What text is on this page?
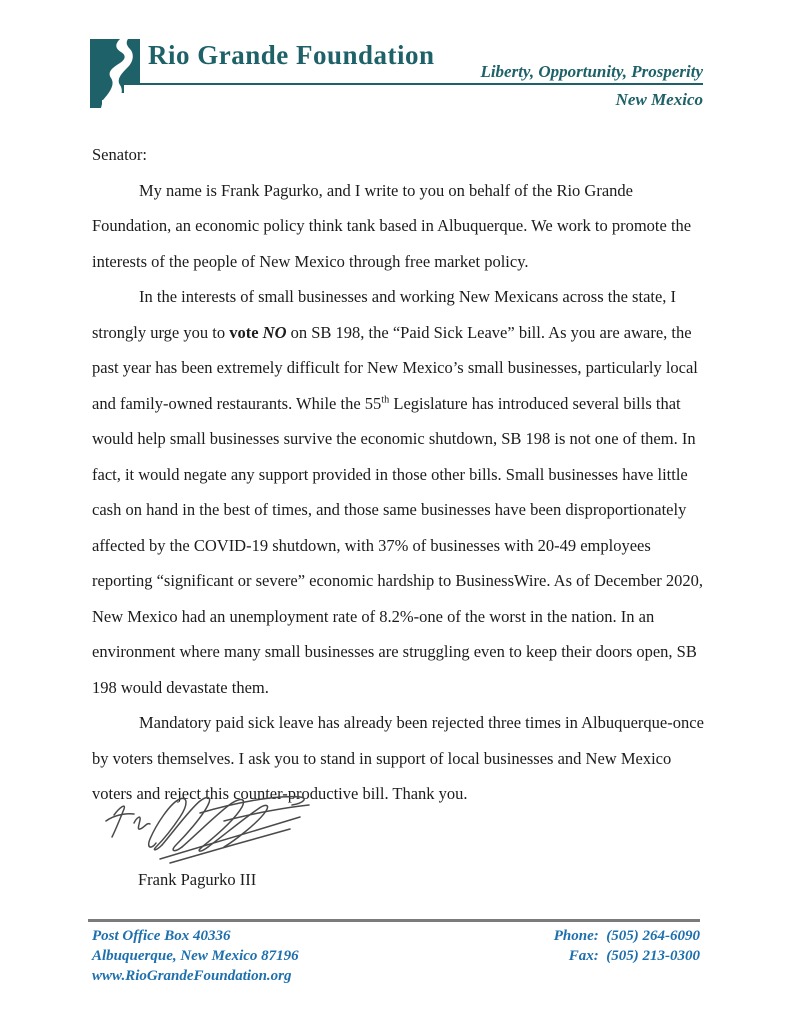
Rio Grande Foundation
Liberty, Opportunity, Prosperity
New Mexico

Senator:

My name is Frank Pagurko, and I write to you on behalf of the Rio Grande Foundation, an economic policy think tank based in Albuquerque. We work to promote the interests of the people of New Mexico through free market policy.

In the interests of small businesses and working New Mexicans across the state, I strongly urge you to vote NO on SB 198, the “Paid Sick Leave” bill. As you are aware, the past year has been extremely difficult for New Mexico’s small businesses, particularly local and family-owned restaurants. While the 55th Legislature has introduced several bills that would help small businesses survive the economic shutdown, SB 198 is not one of them. In fact, it would negate any support provided in those other bills. Small businesses have little cash on hand in the best of times, and those same businesses have been disproportionately affected by the COVID-19 shutdown, with 37% of businesses with 20-49 employees reporting “significant or severe” economic hardship to BusinessWire. As of December 2020, New Mexico had an unemployment rate of 8.2%-one of the worst in the nation. In an environment where many small businesses are struggling even to keep their doors open, SB 198 would devastate them.

Mandatory paid sick leave has already been rejected three times in Albuquerque-once by voters themselves. I ask you to stand in support of local businesses and New Mexico voters and reject this counter-productive bill. Thank you.

Frank Pagurko III
Post Office Box 40336
Albuquerque, New Mexico 87196
www.RioGrandeFoundation.org
Phone: (505) 264-6090
Fax: (505) 213-0300
